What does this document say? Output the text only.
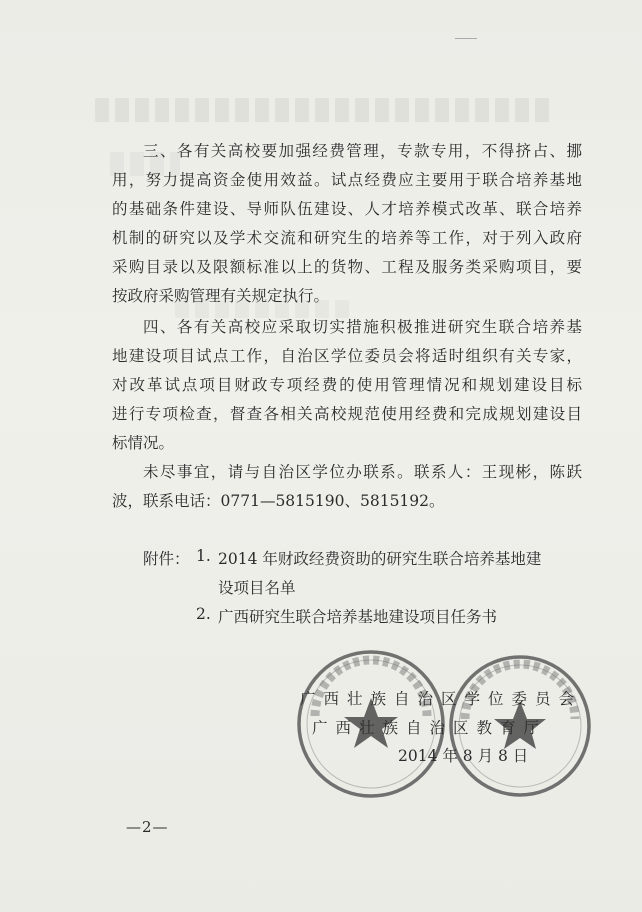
三、各有关高校要加强经费管理，专款专用，不得挤占、挪
用，努力提高资金使用效益。试点经费应主要用于联合培养基地
的基础条件建设、导师队伍建设、人才培养模式改革、联合培养
机制的研究以及学术交流和研究生的培养等工作，对于列入政府
采购目录以及限额标准以上的货物、工程及服务类采购项目，要
按政府采购管理有关规定执行。
四、各有关高校应采取切实措施积极推进研究生联合培养基
地建设项目试点工作，自治区学位委员会将适时组织有关专家，
对改革试点项目财政专项经费的使用管理情况和规划建设目标
进行专项检查，督查各相关高校规范使用经费和完成规划建设目
标情况。
未尽事宜，请与自治区学位办联系。联系人：王现彬，陈跃
波，联系电话：0771—5815190、5815192。
附件： 1. 2014 年财政经费资助的研究生联合培养基地建
设项目名单
2. 广西研究生联合培养基地建设项目任务书
广西壮族自治区学位委员会
广西壮族自治区教育厅
2014 年 8 月 8 日
—2—
